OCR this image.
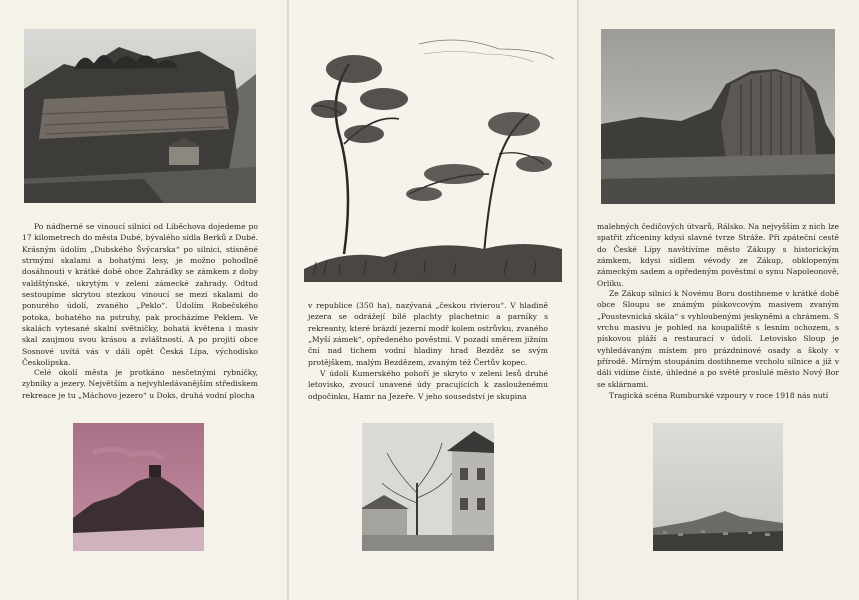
Po nádherné se vinoucí silnici od Liběchova dojedeme po 17 kilometrech do města Dubé, bývalého sídla Berků z Dubé. Krásným údolím „Dubského Švýcarska“ po silnici, stísněné strmými skalami a bohatými lesy, je možno pohodlně dosáhnouti v krátké době obce Zahrádky se zámkem z doby valdštýnské, ukrytým v zeleni zámecké zahrady. Odtud sestoupíme skrytou stezkou vinoucí se mezi skalami do ponurého údolí, zvaného „Peklo“. Údolím Robečského potoka, bohatého na pstruhy, pak procházíme Peklem. Ve skalách vytesané skalní světničky, bohatá květena i masiv skal zaujmou svou krásou a zvláštností. A po projití obce Sosnové uvítá vás v dáli opět Česká Lípa, východisko Českolipska.

Celé okolí města je protkáno nesčetnými rybníčky, zybníky a jezery. Největším a nejvyhledávanějším střediskem rekreace je tu „Máchovo jezero“ u Doks, druhá vodní plocha

v republice (350 ha), nazývaná „českou rivierou“. V hladině jezera se odrážejí bílé plachty plachetnic a parníky s rekreanty, které brázdí jezerní modř kolem ostrůvku, zvaného „Myší zámek“, opředeného pověstmi. V pozadí směrem jižním ční nad tichem vodní hladiny hrad Bezděz se svým protějškem, malým Bezdězem, zvaným též Čertův kopec.

V údolí Kumerského pohoří je skryto v zeleni lesů druhé letovisko, zvoucí unavené údy pracujících k zaslouženému odpočinku, Hamr na Jezeře. V jeho sousedství je skupina

malebných čedičových útvarů, Rálsko. Na nejvyšším z nich lze spatřit zříceniny kdysi slavné tvrze Stráže. Při zpáteční cestě do České Lípy navštívíme město Zákupy s historickým zámkem, kdysi sídlem vévody ze Zákup, obklopeným zámeckým sadem a opředeným pověstmi o synu Napoleonově, Orlíku.

Ze Zákup silnicí k Novému Boru dostihneme v krátké době obce Sloupu se známým pískovcovým masivem zvaným „Poustevnická skála“ s vyhloubenými jeskyněmi a chrámem. S vrchu masivu je pohled na koupaliště s lesním ochozem, s pískovou pláží a restaurací v údolí. Letovisko Sloup je vyhledávaným místem pro prázdninové osady a školy v přírodě. Mírným stoupáním dostihneme vrcholu silnice a již v dáli vidíme čisté, úhledné a po světě proslulé město Nový Bor se sklárnami.

Tragická scéna Rumburské vzpoury v roce 1918 nás nutí
